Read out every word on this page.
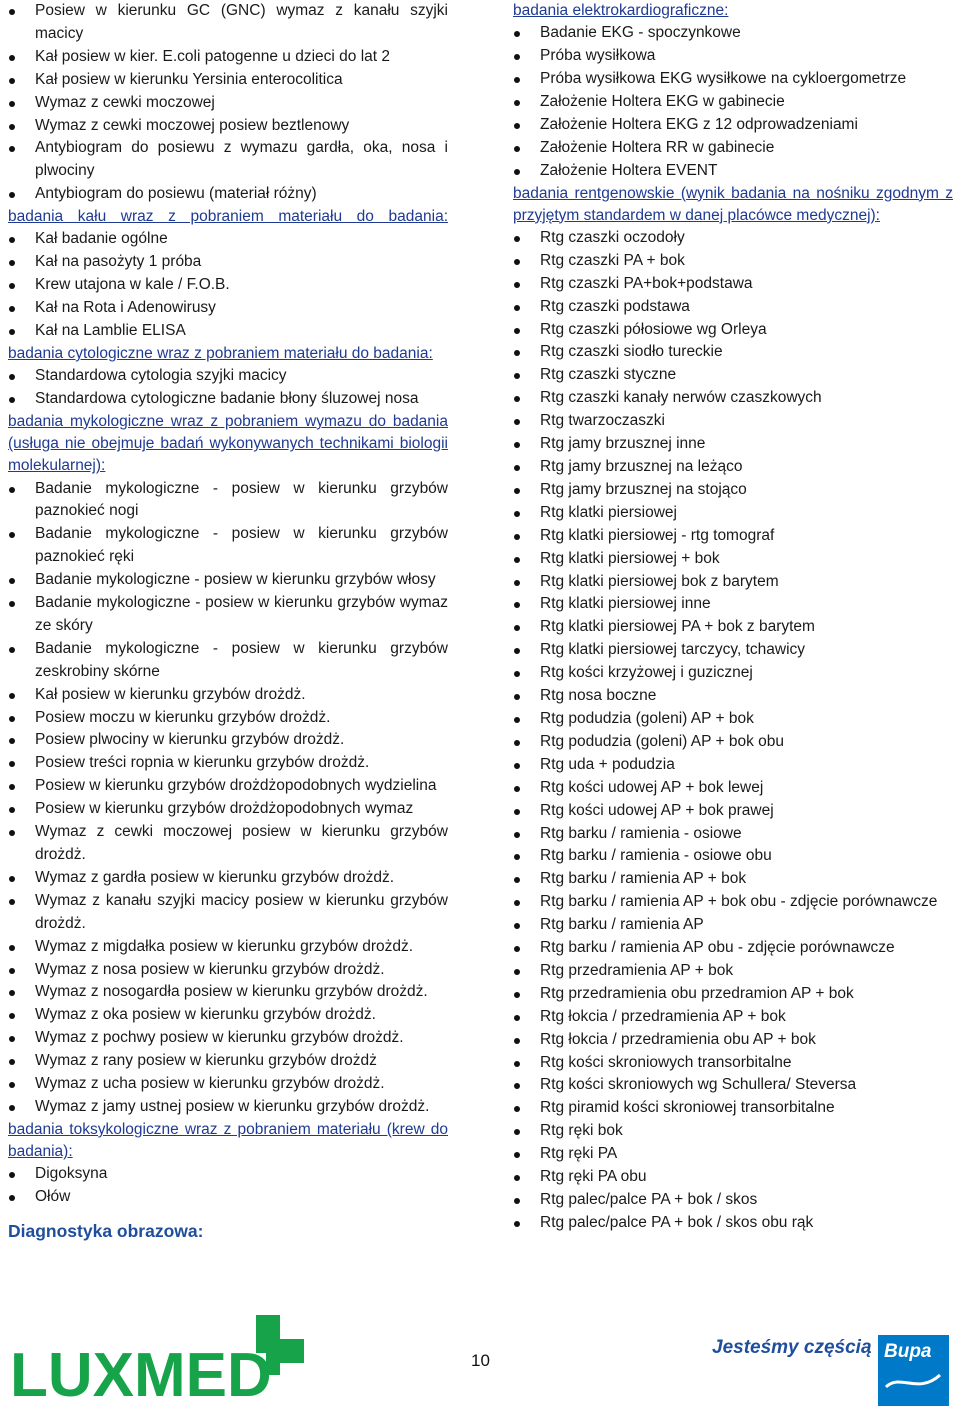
Posiew w kierunku GC (GNC) wymaz z kanału szyjki macicy
Kał posiew w kier. E.coli patogenne u dzieci do lat 2
Kał posiew w kierunku Yersinia enterocolitica
Wymaz z cewki moczowej
Wymaz z cewki moczowej posiew beztlenowy
Antybiogram do posiewu z wymazu gardła, oka, nosa i plwociny
Antybiogram do posiewu (materiał różny)
badania kału wraz z pobraniem materiału do badania:
Kał badanie ogólne
Kał na pasożyty 1 próba
Krew utajona w kale / F.O.B.
Kał na Rota i Adenowirusy
Kał na Lamblie ELISA
badania cytologiczne wraz z pobraniem materiału do badania:
Standardowa cytologia szyjki macicy
Standardowa cytologiczne badanie błony śluzowej nosa
badania mykologiczne wraz z pobraniem wymazu do badania (usługa nie obejmuje badań wykonywanych technikami biologii molekularnej):
Badanie mykologiczne - posiew w kierunku grzybów paznokieć nogi
Badanie mykologiczne - posiew w kierunku grzybów paznokieć ręki
Badanie mykologiczne - posiew w kierunku grzybów włosy
Badanie mykologiczne - posiew w kierunku grzybów wymaz ze skóry
Badanie mykologiczne - posiew w kierunku grzybów zeskrobiny skórne
Kał posiew w kierunku grzybów drożdż.
Posiew moczu w kierunku grzybów drożdż.
Posiew plwociny w kierunku grzybów drożdż.
Posiew treści ropnia w kierunku grzybów drożdż.
Posiew w kierunku grzybów drożdżopodobnych wydzielina
Posiew w kierunku grzybów drożdżopodobnych wymaz
Wymaz z cewki moczowej posiew w kierunku grzybów drożdż.
Wymaz z gardła posiew w kierunku grzybów drożdż.
Wymaz z kanału szyjki macicy posiew w kierunku grzybów drożdż.
Wymaz z migdałka posiew w kierunku grzybów drożdż.
Wymaz z nosa posiew w kierunku grzybów drożdż.
Wymaz z nosogardła posiew w kierunku grzybów drożdż.
Wymaz z oka posiew w kierunku grzybów drożdż.
Wymaz z pochwy posiew w kierunku grzybów drożdż.
Wymaz z rany posiew w kierunku grzybów drożdż
Wymaz z ucha posiew w kierunku grzybów drożdż.
Wymaz z jamy ustnej posiew w kierunku grzybów drożdż.
badania toksykologiczne wraz z pobraniem materiału (krew do badania):
Digoksyna
Ołów
Diagnostyka obrazowa:
badania elektrokardiograficzne:
Badanie EKG - spoczynkowe
Próba wysiłkowa
Próba wysiłkowa EKG wysiłkowe na cykloergometrze
Założenie Holtera EKG w gabinecie
Założenie Holtera EKG z 12 odprowadzeniami
Założenie Holtera RR w gabinecie
Założenie Holtera EVENT
badania rentgenowskie (wynik badania na nośniku zgodnym z przyjętym standardem w danej placówce medycznej):
Rtg czaszki oczodoły
Rtg czaszki PA + bok
Rtg czaszki PA+bok+podstawa
Rtg czaszki podstawa
Rtg czaszki półosiowe wg Orleya
Rtg czaszki siodło tureckie
Rtg czaszki styczne
Rtg czaszki kanały nerwów czaszkowych
Rtg twarzoczaszki
Rtg jamy brzusznej inne
Rtg jamy brzusznej na leżąco
Rtg jamy brzusznej na stojąco
Rtg klatki piersiowej
Rtg klatki piersiowej - rtg tomograf
Rtg klatki piersiowej + bok
Rtg klatki piersiowej bok z barytem
Rtg klatki piersiowej inne
Rtg klatki piersiowej PA + bok z barytem
Rtg klatki piersiowej tarczycy, tchawicy
Rtg kości krzyżowej i guzicznej
Rtg nosa boczne
Rtg podudzia (goleni) AP + bok
Rtg podudzia (goleni) AP + bok obu
Rtg uda + podudzia
Rtg kości udowej AP + bok lewej
Rtg kości udowej AP + bok prawej
Rtg barku / ramienia - osiowe
Rtg barku / ramienia - osiowe obu
Rtg barku / ramienia AP + bok
Rtg barku / ramienia AP + bok obu - zdjęcie porównawcze
Rtg barku / ramienia AP
Rtg barku / ramienia AP obu - zdjęcie porównawcze
Rtg przedramienia AP + bok
Rtg przedramienia obu przedramion AP + bok
Rtg łokcia / przedramienia AP + bok
Rtg łokcia / przedramienia obu AP + bok
Rtg kości skroniowych transorbitalne
Rtg kości skroniowych wg Schullera/ Steversa
Rtg piramid kości skroniowej transorbitalne
Rtg ręki bok
Rtg ręki PA
Rtg ręki PA obu
Rtg palec/palce PA + bok / skos
Rtg palec/palce PA + bok / skos obu rąk
10
LUXMED	Jesteśmy częścią Bupa
